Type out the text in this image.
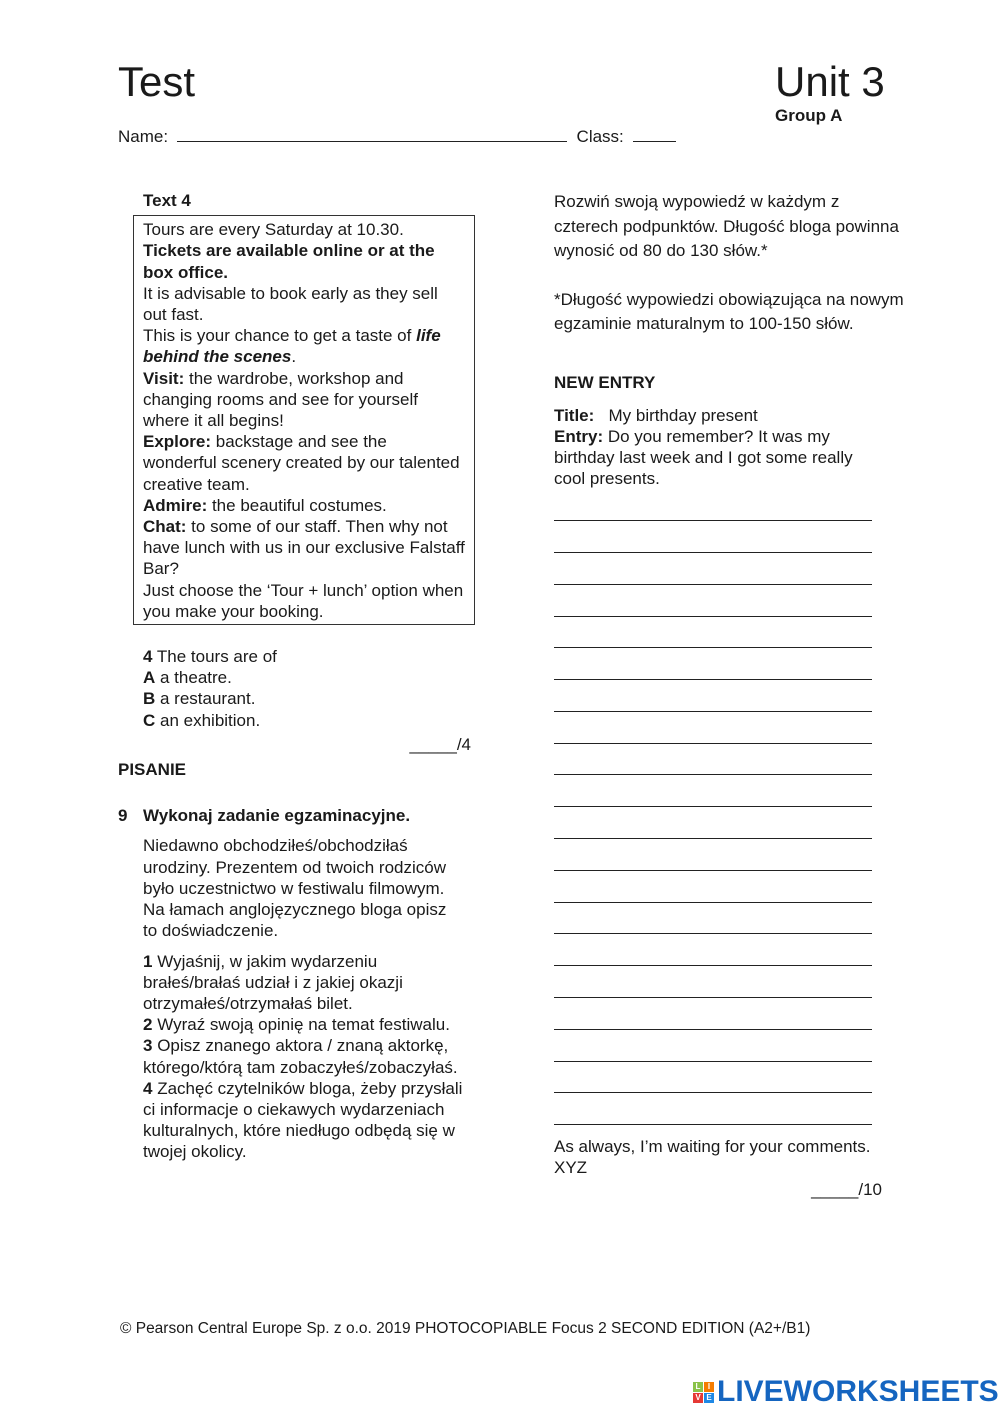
Test	Unit 3
Group A
Name:	Class:
Text 4
Tours are every Saturday at 10.30.
Tickets are available online or at the box office.
It is advisable to book early as they sell out fast.
This is your chance to get a taste of life behind the scenes.
Visit: the wardrobe, workshop and changing rooms and see for yourself where it all begins!
Explore: backstage and see the wonderful scenery created by our talented creative team.
Admire: the beautiful costumes.
Chat: to some of our staff. Then why not have lunch with us in our exclusive Falstaff Bar?
Just choose the ‘Tour + lunch’ option when you make your booking.
4 The tours are of
A a theatre.
B a restaurant.
C an exhibition.
_____/4
PISANIE
9 Wykonaj zadanie egzaminacyjne.
Niedawno obchodziłeś/obchodziłaś urodziny. Prezentem od twoich rodziców było uczestnictwo w festiwalu filmowym. Na łamach anglojęzycznego bloga opisz to doświadczenie.
1 Wyjaśnij, w jakim wydarzeniu brałeś/brałaś udział i z jakiej okazji otrzymałeś/otrzymałaś bilet.
2 Wyraź swoją opinię na temat festiwalu.
3 Opisz znanego aktora / znaną aktorkę, którego/którą tam zobaczyłeś/zobaczyłaś.
4 Zachęć czytelników bloga, żeby przysłali ci informacje o ciekawych wydarzeniach kulturalnych, które niedługo odbędą się w twojej okolicy.
Rozwiń swoją wypowiedź w każdym z czterech podpunktów. Długość bloga powinna wynosić od 80 do 130 słów.*
*Długość wypowiedzi obowiązująca na nowym egzaminie maturalnym to 100-150 słów.
NEW ENTRY
Title:   My birthday present
Entry: Do you remember? It was my birthday last week and I got some really cool presents.
As always, I’m waiting for your comments.
XYZ
_____/10
© Pearson Central Europe Sp. z o.o. 2019 PHOTOCOPIABLE Focus 2 SECOND EDITION (A2+/B1)
L I
V E LIVEWORKSHEETS
